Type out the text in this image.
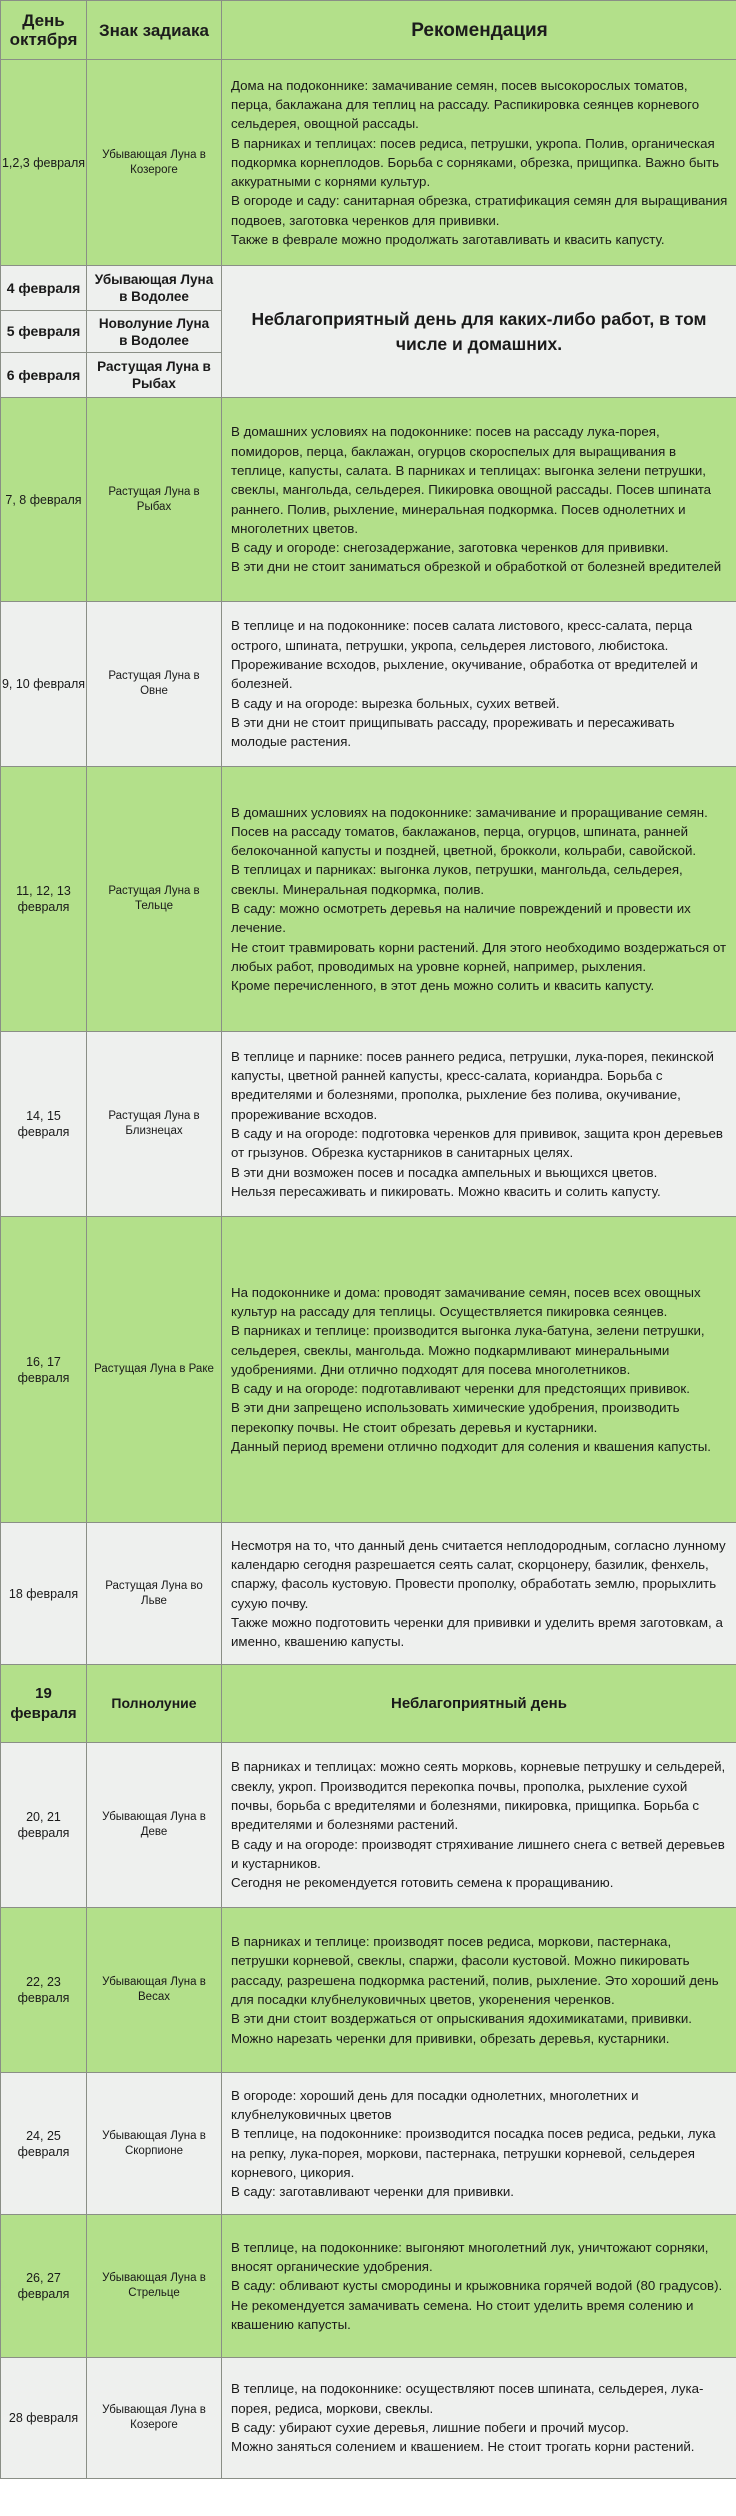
День октября	Знак задиака	Рекомендация
1,2,3 февраля	Убывающая Луна в Козероге	Дома на подоконнике: замачивание семян, посев высокорослых томатов, перца, баклажана для теплиц на рассаду. Распикировка сеянцев корневого сельдерея, овощной рассады.

В парниках и теплицах: посев редиса, петрушки, укропа. Полив, органическая подкормка корнеплодов. Борьба с сорняками, обрезка, прищипка. Важно быть аккуратными с корнями культур.

В огороде и саду: санитарная обрезка, стратификация семян для выращивания подвоев, заготовка черенков для прививки.

Также в феврале можно продолжать заготавливать и квасить капусту.

4 февраля	Убывающая Луна в Водолее	Неблагоприятный день для каких-либо работ, в том числе и домашних.
5 февраля	Новолуние Луна в Водолее	
6 февраля	Растущая Луна в Рыбах	
7, 8 февраля	Растущая Луна в Рыбах	В домашних условиях на подоконнике: посев на рассаду лука-порея, помидоров, перца, баклажан, огурцов скороспелых для выращивания в теплице, капусты, салата. В парниках и теплицах: выгонка зелени петрушки, свеклы, мангольда, сельдерея. Пикировка овощной рассады. Посев шпината раннего. Полив, рыхление, минеральная подкормка. Посев однолетних и многолетних цветов.

В саду и огороде: снегозадержание, заготовка черенков для прививки.

В эти дни не стоит заниматься обрезкой и обработкой от болезней вредителей

9, 10 февраля	Растущая Луна в Овне	В теплице и на подоконнике: посев салата листового, кресс-салата, перца острого, шпината, петрушки, укропа, сельдерея листового, любистока. Прореживание всходов, рыхление, окучивание, обработка от вредителей и болезней.

В саду и на огороде: вырезка больных, сухих ветвей.

В эти дни не стоит прищипывать рассаду, прореживать и пересаживать молодые растения.

11, 12, 13 февраля	Растущая Луна в Тельце	В домашних условиях на подоконнике: замачивание и проращивание семян. Посев на рассаду томатов, баклажанов, перца, огурцов, шпината, ранней белокочанной капусты и поздней, цветной, брокколи, кольраби, савойской.

В теплицах и парниках: выгонка луков, петрушки, мангольда, сельдерея, свеклы. Минеральная подкормка, полив.

В саду: можно осмотреть деревья на наличие повреждений и провести их лечение.

Не стоит травмировать корни растений. Для этого необходимо воздержаться от любых работ, проводимых на уровне корней, например, рыхления.

Кроме перечисленного, в этот день можно солить и квасить капусту.

14, 15 февраля	Растущая Луна в Близнецах	В теплице и парнике: посев раннего редиса, петрушки, лука-порея, пекинской капусты, цветной ранней капусты, кресс-салата, кориандра. Борьба с вредителями и болезнями, прополка, рыхление без полива, окучивание, прореживание всходов.

В саду и на огороде: подготовка черенков для прививок, защита крон деревьев от грызунов. Обрезка кустарников в санитарных целях.

В эти дни возможен посев и посадка ампельных и вьющихся цветов.

Нельзя пересаживать и пикировать. Можно квасить и солить капусту.

16, 17 февраля	Растущая Луна в Раке	На подоконнике и дома: проводят замачивание семян, посев всех овощных культур на рассаду для теплицы. Осуществляется пикировка сеянцев.

В парниках и теплице: производится выгонка лука-батуна, зелени петрушки, сельдерея, свеклы, мангольда. Можно подкармливают минеральными удобрениями. Дни отлично подходят для посева многолетников.

В саду и на огороде: подготавливают черенки для предстоящих прививок.

В эти дни запрещено использовать химические удобрения, производить перекопку почвы. Не стоит обрезать деревья и кустарники.

Данный период времени отлично подходит для соления и квашения капусты.

18 февраля	Растущая Луна во Льве	Несмотря на то, что данный день считается неплодородным, согласно лунному календарю сегодня разрешается сеять салат, скорцонеру, базилик, фенхель, спаржу, фасоль кустовую. Провести прополку, обработать землю, прорыхлить сухую почву.

Также можно подготовить черенки для прививки и уделить время заготовкам, а именно, квашению капусты.

19 февраля	Полнолуние	Неблагоприятный день
20, 21 февраля	Убывающая Луна в Деве	В парниках и теплицах: можно сеять морковь, корневые петрушку и сельдерей, свеклу, укроп. Производится перекопка почвы, прополка, рыхление сухой почвы, борьба с вредителями и болезнями, пикировка, прищипка. Борьба с вредителями и болезнями растений.

В саду и на огороде: производят стряхивание лишнего снега с ветвей деревьев и кустарников.

Сегодня не рекомендуется готовить семена к проращиванию.

22, 23 февраля	Убывающая Луна в Весах	В парниках и теплице: производят посев редиса, моркови, пастернака, петрушки корневой, свеклы, спаржи, фасоли кустовой. Можно пикировать рассаду, разрешена подкормка растений, полив, рыхление. Это хороший день для посадки клубнелуковичных цветов, укоренения черенков.

В эти дни стоит воздержаться от опрыскивания ядохимикатами, прививки. Можно нарезать черенки для прививки, обрезать деревья, кустарники.

24, 25 февраля	Убывающая Луна в Скорпионе	В огороде: хороший день для посадки однолетних, многолетних и клубнелуковичных цветов

В теплице, на подоконнике: производится посадка посев редиса, редьки, лука на репку, лука-порея, моркови, пастернака, петрушки корневой, сельдерея корневого, цикория.

В саду: заготавливают черенки для прививки.

26, 27 февраля	Убывающая Луна в Стрельце	В теплице, на подоконнике: выгоняют многолетний лук, уничтожают сорняки, вносят органические удобрения.

В саду: обливают кусты смородины и крыжовника горячей водой (80 градусов).

Не рекомендуется замачивать семена. Но стоит уделить время солению и квашению капусты.

28 февраля	Убывающая Луна в Козероге	В теплице, на подоконнике: осуществляют посев шпината, сельдерея, лука-порея, редиса, моркови, свеклы.

В саду: убирают сухие деревья, лишние побеги и прочий мусор.

Можно заняться солением и квашением. Не стоит трогать корни растений.
